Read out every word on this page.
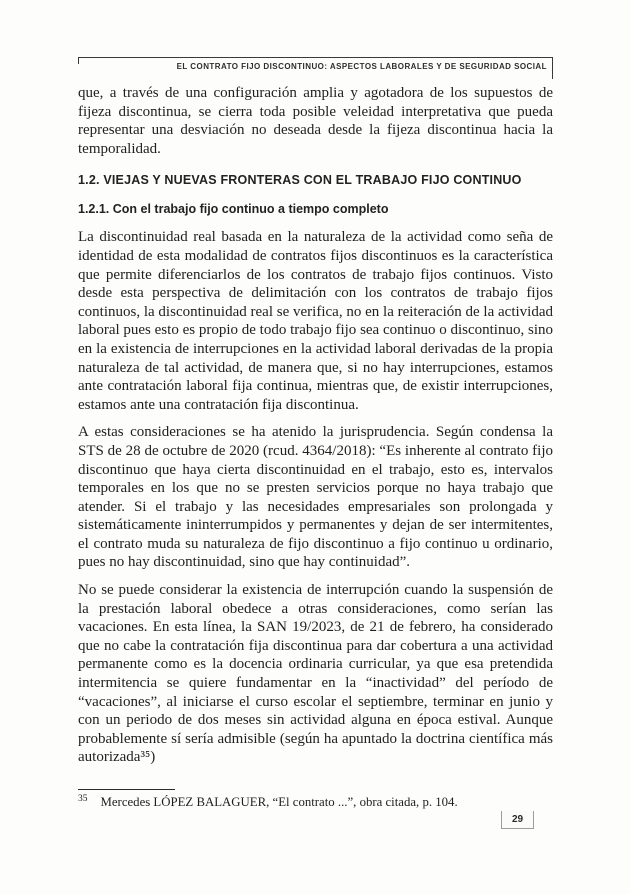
EL CONTRATO FIJO DISCONTINUO: ASPECTOS LABORALES Y DE SEGURIDAD SOCIAL

que, a través de una configuración amplia y agotadora de los supuestos de fijeza discontinua, se cierra toda posible veleidad interpretativa que pueda representar una desviación no deseada desde la fijeza discontinua hacia la temporalidad.

1.2. VIEJAS Y NUEVAS FRONTERAS CON EL TRABAJO FIJO CONTINUO
1.2.1. Con el trabajo fijo continuo a tiempo completo

La discontinuidad real basada en la naturaleza de la actividad como seña de identidad de esta modalidad de contratos fijos discontinuos es la característica que permite diferenciarlos de los contratos de trabajo fijos continuos. Visto desde esta perspectiva de delimitación con los contratos de trabajo fijos continuos, la discontinuidad real se verifica, no en la reiteración de la actividad laboral pues esto es propio de todo trabajo fijo sea continuo o discontinuo, sino en la existencia de interrupciones en la actividad laboral derivadas de la propia naturaleza de tal actividad, de manera que, si no hay interrupciones, estamos ante contratación laboral fija continua, mientras que, de existir interrupciones, estamos ante una contratación fija discontinua.

A estas consideraciones se ha atenido la jurisprudencia. Según condensa la STS de 28 de octubre de 2020 (rcud. 4364/2018): “Es inherente al contrato fijo discontinuo que haya cierta discontinuidad en el trabajo, esto es, intervalos temporales en los que no se presten servicios porque no haya trabajo que atender. Si el trabajo y las necesidades empresariales son prolongada y sistemáticamente ininterrumpidos y permanentes y dejan de ser intermitentes, el contrato muda su naturaleza de fijo discontinuo a fijo continuo u ordinario, pues no hay discontinuidad, sino que hay continuidad”.

No se puede considerar la existencia de interrupción cuando la suspensión de la prestación laboral obedece a otras consideraciones, como serían las vacaciones. En esta línea, la SAN 19/2023, de 21 de febrero, ha considerado que no cabe la contratación fija discontinua para dar cobertura a una actividad permanente como es la docencia ordinaria curricular, ya que esa pretendida intermitencia se quiere fundamentar en la “inactividad” del período de “vacaciones”, al iniciarse el curso escolar el septiembre, terminar en junio y con un periodo de dos meses sin actividad alguna en época estival. Aunque probablemente sí sería admisible (según ha apuntado la doctrina científica más autorizada³⁵)

$^{35}$ Mercedes LÓPEZ BALAGUER, “El contrato ...”, obra citada, p. 104.
29
